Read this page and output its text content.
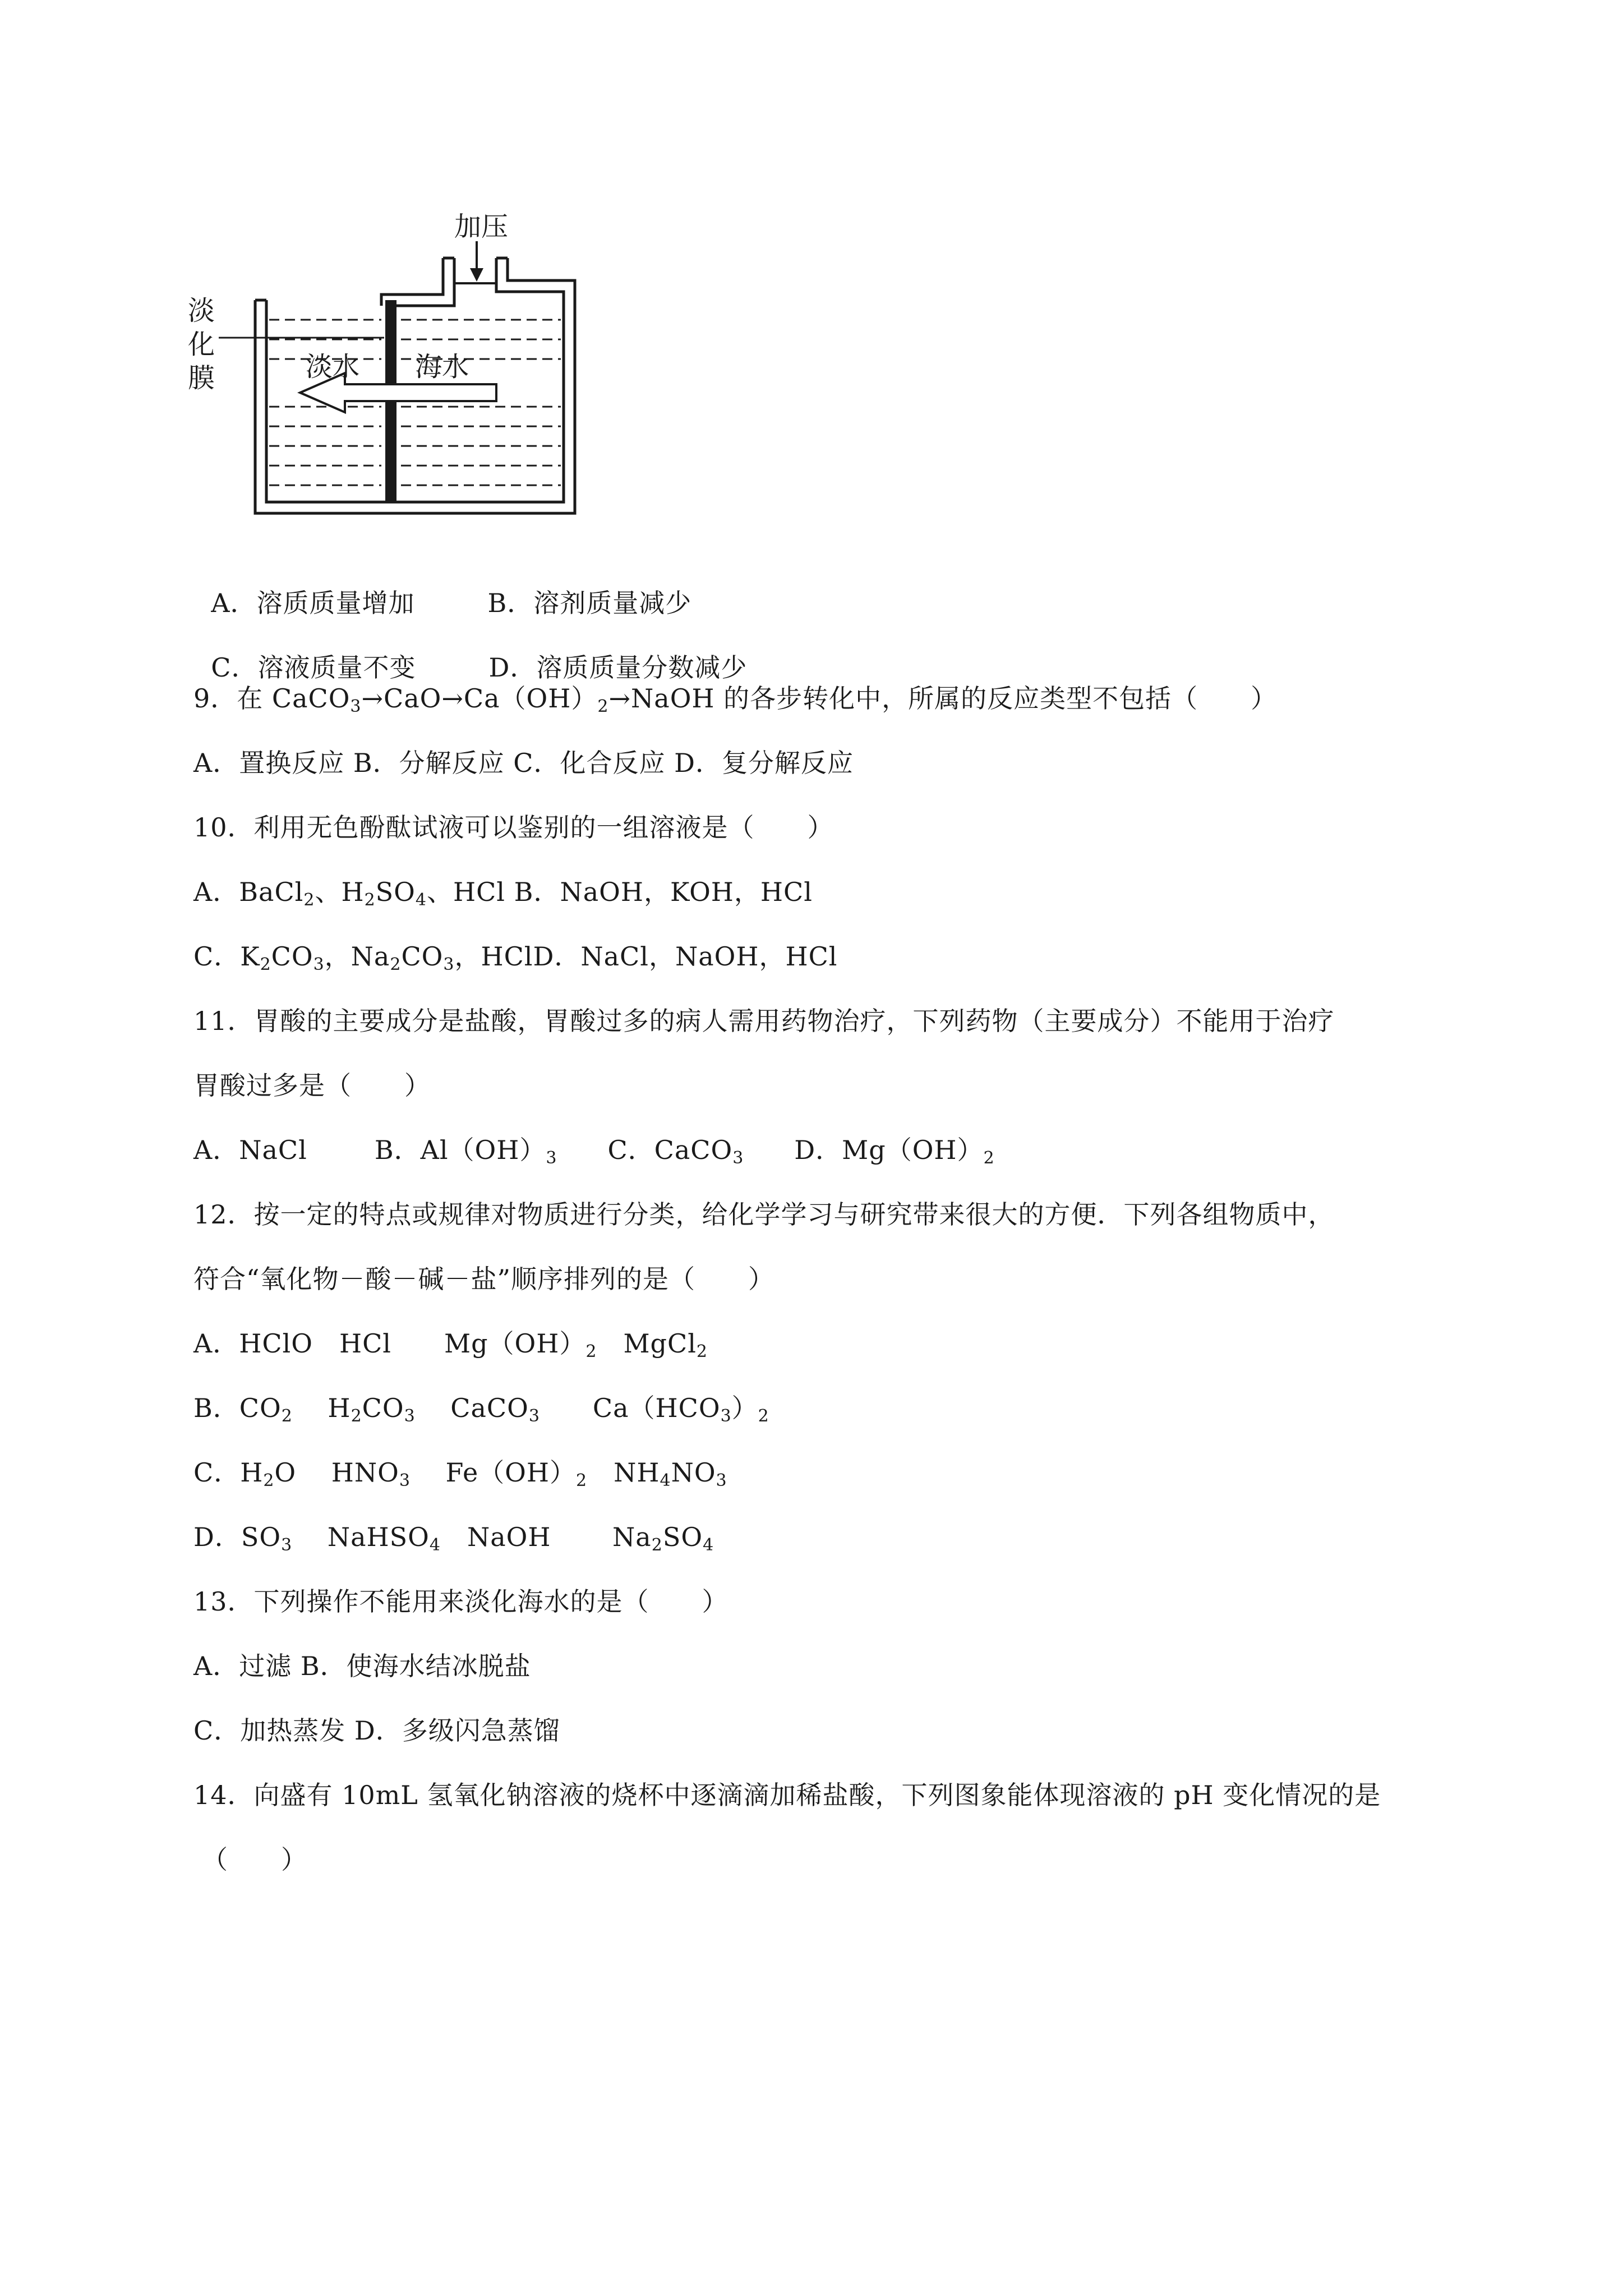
加压
淡
化
膜	淡水 海水

A．溶质质量增加	B．溶剂质量减少

C．溶液质量不变	D．溶质质量分数减少

9．在 $CaCO_3\to CaO\to Ca(OH)_2\to NaOH$ 的各步转化中，所属的反应类型不包括（　　）
A．置换反应 B．分解反应 C．化合反应 D．复分解反应
10．利用无色酚酞试液可以鉴别的一组溶液是（　　）
A．BaCl$_2$、$H_2SO_4$、HCl B．NaOH，KOH，HCl
C．$K_2CO_3$，$Na_2CO_3$，HClD．NaCl，NaOH，HCl
11．胃酸的主要成分是盐酸，胃酸过多的病人需用药物治疗，下列药物（主要成分）不能用于治疗
胃酸过多是（　　）
A．NaCl	B．$Al(OH)_3$ C．CaCO$_3$ D．$Mg(OH)_2$
12．按一定的特点或规律对物质进行分类，给化学学习与研究带来很大的方便．下列各组物质中，
符合“氧化物－酸－碱－盐”顺序排列的是（　　）
A．HClO　HCl　　$Mg(OH)_2$　MgCl$_2$
B．$CO_2$　 $H_2CO_3$　 CaCO$_3$　　$Ca(HCO_3)_2$
C．$H_2O$　 $HNO_3$　 $Fe(OH)_2$　$NH_4NO_3$
D．$SO_3$　 NaHSO$_4$　NaOH　　 $Na_2SO_4$
13．下列操作不能用来淡化海水的是（　　）
A．过滤 B．使海水结冰脱盐
C．加热蒸发 D．多级闪急蒸馏
14．向盛有 10mL 氢氧化钠溶液的烧杯中逐滴滴加稀盐酸，下列图象能体现溶液的 pH 变化情况的是
（　　）
